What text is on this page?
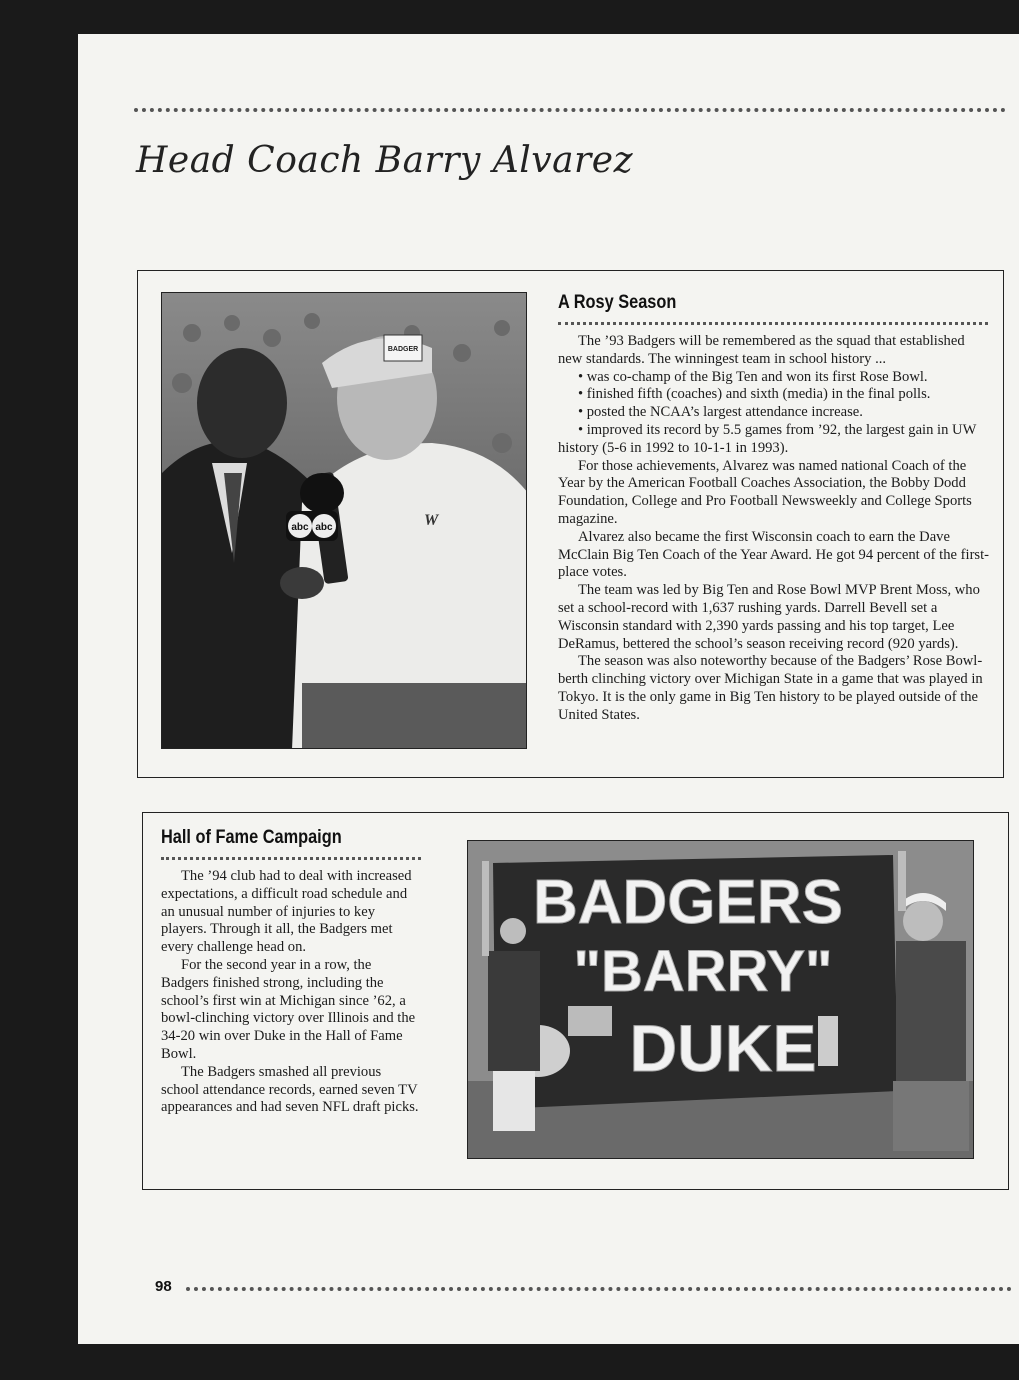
Head Coach Barry Alvarez
BADGER
W
abc abc
A Rosy Season

The ’93 Badgers will be remembered as the squad that established new standards. The winningest team in school history ...

• was co-champ of the Big Ten and won its first Rose Bowl.

• finished fifth (coaches) and sixth (media) in the final polls.

• posted the NCAA’s largest attendance increase.

• improved its record by 5.5 games from ’92, the largest gain in UW history (5-6 in 1992 to 10-1-1 in 1993).

For those achievements, Alvarez was named national Coach of the Year by the American Football Coaches Association, the Bobby Dodd Foundation, College and Pro Football Newsweekly and College Sports magazine.

Alvarez also became the first Wisconsin coach to earn the Dave McClain Big Ten Coach of the Year Award. He got 94 percent of the first-place votes.

The team was led by Big Ten and Rose Bowl MVP Brent Moss, who set a school-record with 1,637 rushing yards. Darrell Bevell set a Wisconsin standard with 2,390 yards passing and his top target, Lee DeRamus, bettered the school’s season receiving record (920 yards).

The season was also noteworthy because of the Badgers’ Rose Bowl-berth clinching victory over Michigan State in a game that was played in Tokyo. It is the only game in Big Ten history to be played outside of the United States.

Hall of Fame Campaign

The ’94 club had to deal with increased expectations, a difficult road schedule and an unusual number of injuries to key players. Through it all, the Badgers met every challenge head on.

For the second year in a row, the Badgers finished strong, including the school’s first win at Michigan since ’62, a bowl-clinching victory over Illinois and the 34-20 win over Duke in the Hall of Fame Bowl.

The Badgers smashed all previous school attendance records, earned seven TV appearances and had seven NFL draft picks.

BADGERS
"BARRY"
DUKE
98
